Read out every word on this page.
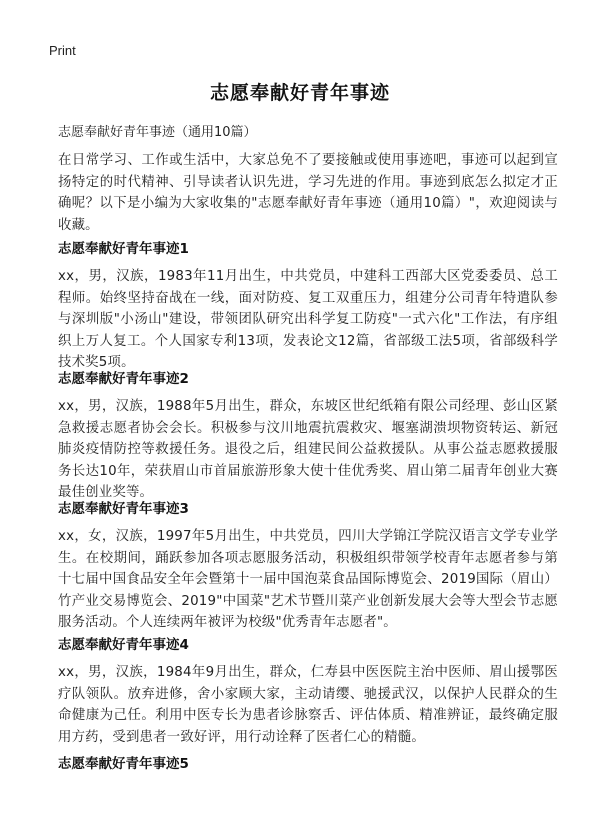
Print
志愿奉献好青年事迹
志愿奉献好青年事迹（通用10篇）

在日常学习、工作或生活中，大家总免不了要接触或使用事迹吧，事迹可以起到宣扬特定的时代精神、引导读者认识先进，学习先进的作用。事迹到底怎么拟定才正确呢？以下是小编为大家收集的"志愿奉献好青年事迹（通用10篇）"，欢迎阅读与收藏。

志愿奉献好青年事迹1

xx，男，汉族，1983年11月出生，中共党员，中建科工西部大区党委委员、总工程师。始终坚持奋战在一线，面对防疫、复工双重压力，组建分公司青年特遣队参与深圳版"小汤山"建设，带领团队研究出科学复工防疫"一式六化"工作法，有序组织上万人复工。个人国家专利13项，发表论文12篇，省部级工法5项，省部级科学技术奖5项。

志愿奉献好青年事迹2

xx，男，汉族，1988年5月出生，群众，东坡区世纪纸箱有限公司经理、彭山区紧急救援志愿者协会会长。积极参与汶川地震抗震救灾、堰塞湖溃坝物资转运、新冠肺炎疫情防控等救援任务。退役之后，组建民间公益救援队。从事公益志愿救援服务长达10年，荣获眉山市首届旅游形象大使十佳优秀奖、眉山第二届青年创业大赛最佳创业奖等。

志愿奉献好青年事迹3

xx，女，汉族，1997年5月出生，中共党员，四川大学锦江学院汉语言文学专业学生。在校期间，踊跃参加各项志愿服务活动，积极组织带领学校青年志愿者参与第十七届中国食品安全年会暨第十一届中国泡菜食品国际博览会、2019国际（眉山）竹产业交易博览会、2019"中国菜"艺术节暨川菜产业创新发展大会等大型会节志愿服务活动。个人连续两年被评为校级"优秀青年志愿者"。

志愿奉献好青年事迹4

xx，男，汉族，1984年9月出生，群众，仁寿县中医医院主治中医师、眉山援鄂医疗队领队。放弃进修，舍小家顾大家，主动请缨、驰援武汉，以保护人民群众的生命健康为己任。利用中医专长为患者诊脉察舌、评估体质、精准辨证，最终确定服用方药，受到患者一致好评，用行动诠释了医者仁心的精髓。

志愿奉献好青年事迹5
